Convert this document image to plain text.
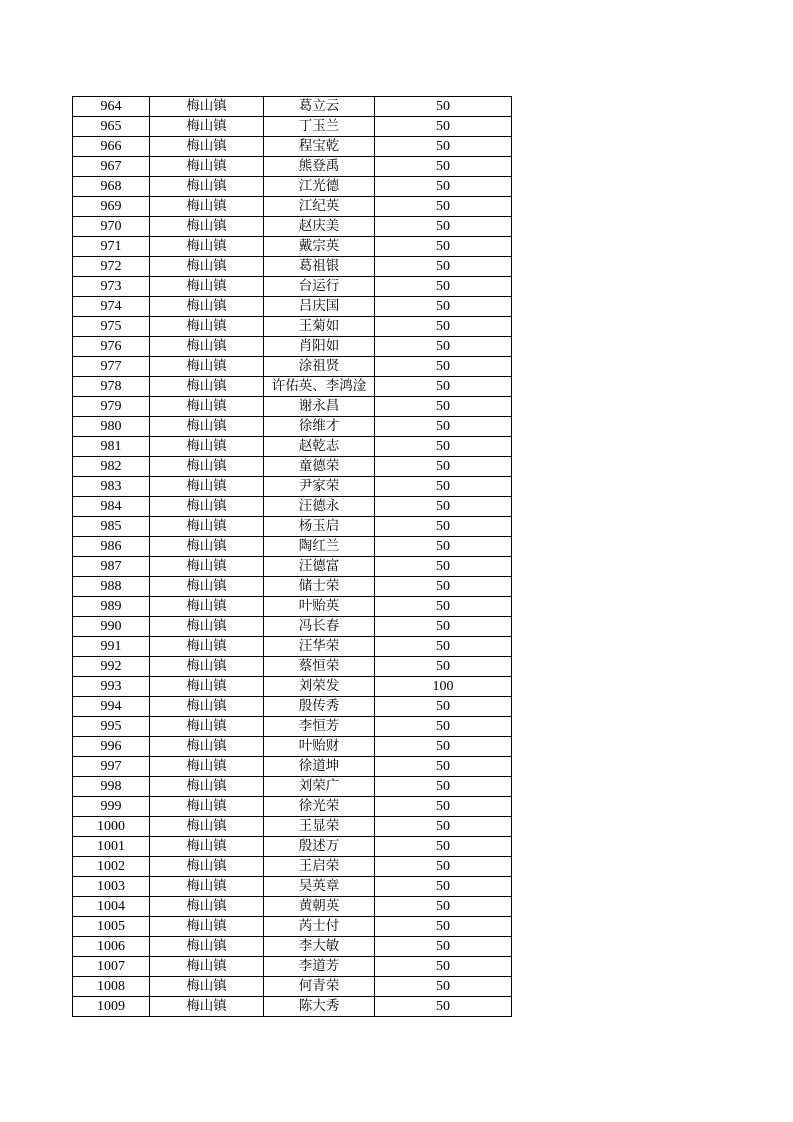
964	梅山镇	葛立云	50
965	梅山镇	丁玉兰	50
966	梅山镇	程宝乾	50
967	梅山镇	熊登禹	50
968	梅山镇	江光德	50
969	梅山镇	江纪英	50
970	梅山镇	赵庆美	50
971	梅山镇	戴宗英	50
972	梅山镇	葛祖银	50
973	梅山镇	台运行	50
974	梅山镇	吕庆国	50
975	梅山镇	王菊如	50
976	梅山镇	肖阳如	50
977	梅山镇	涂祖贤	50
978	梅山镇	许佑英、李鸿淦	50
979	梅山镇	谢永昌	50
980	梅山镇	徐维才	50
981	梅山镇	赵乾志	50
982	梅山镇	童德荣	50
983	梅山镇	尹家荣	50
984	梅山镇	汪德永	50
985	梅山镇	杨玉启	50
986	梅山镇	陶红兰	50
987	梅山镇	汪德富	50
988	梅山镇	储士荣	50
989	梅山镇	叶贻英	50
990	梅山镇	冯长春	50
991	梅山镇	汪华荣	50
992	梅山镇	蔡恒荣	50
993	梅山镇	刘荣发	100
994	梅山镇	殷传秀	50
995	梅山镇	李恒芳	50
996	梅山镇	叶贻财	50
997	梅山镇	徐道坤	50
998	梅山镇	刘荣广	50
999	梅山镇	徐光荣	50
1000	梅山镇	王显荣	50
1001	梅山镇	殷述万	50
1002	梅山镇	王启荣	50
1003	梅山镇	吴英章	50
1004	梅山镇	黄朝英	50
1005	梅山镇	芮士付	50
1006	梅山镇	李大敏	50
1007	梅山镇	李道芳	50
1008	梅山镇	何青荣	50
1009	梅山镇	陈大秀	50
